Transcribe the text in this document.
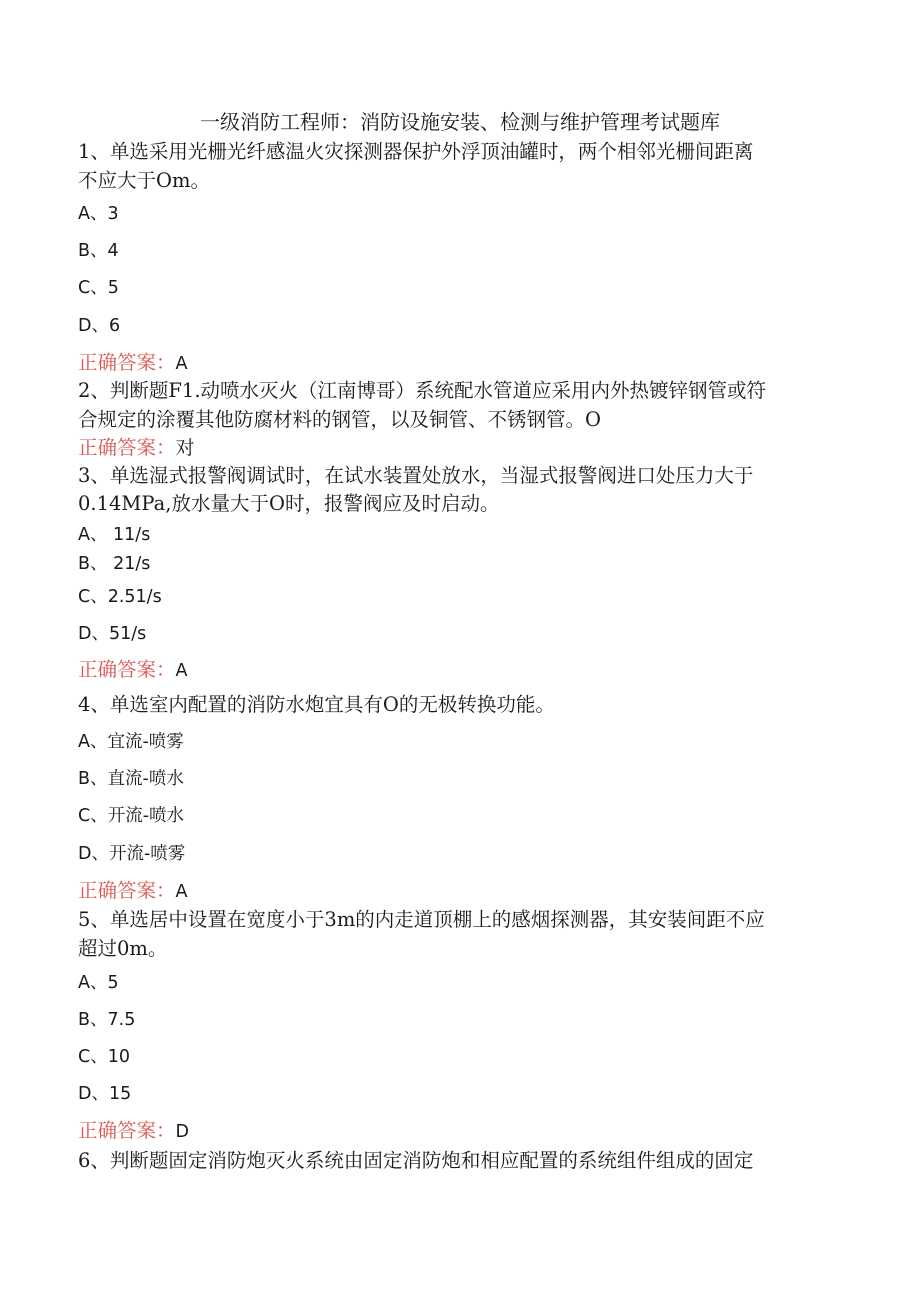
一级消防工程师：消防设施安装、检测与维护管理考试题库
1、单选采用光栅光纤感温火灾探测器保护外浮顶油罐时，两个相邻光栅间距离
不应大于Om。
A、3
B、4
C、5
D、6
正确答案：A
2、判断题F1.动喷水灭火（江南博哥）系统配水管道应采用内外热镀锌钢管或符
合规定的涂覆其他防腐材料的钢管，以及铜管、不锈钢管。O
正确答案：对
3、单选湿式报警阀调试时，在试水装置处放水，当湿式报警阀进口处压力大于
0.14MPa,放水量大于O时，报警阀应及时启动。
A、 11/s
B、 21/s
C、2.51/s
D、51/s
正确答案：A
4、单选室内配置的消防水炮宜具有O的无极转换功能。
A、宜流-喷雾
B、直流-喷水
C、开流-喷水
D、开流-喷雾
正确答案：A
5、单选居中设置在宽度小于3m的内走道顶棚上的感烟探测器，其安装间距不应
超过0m。
A、5
B、7.5
C、10
D、15
正确答案：D
6、判断题固定消防炮灭火系统由固定消防炮和相应配置的系统组件组成的固定
